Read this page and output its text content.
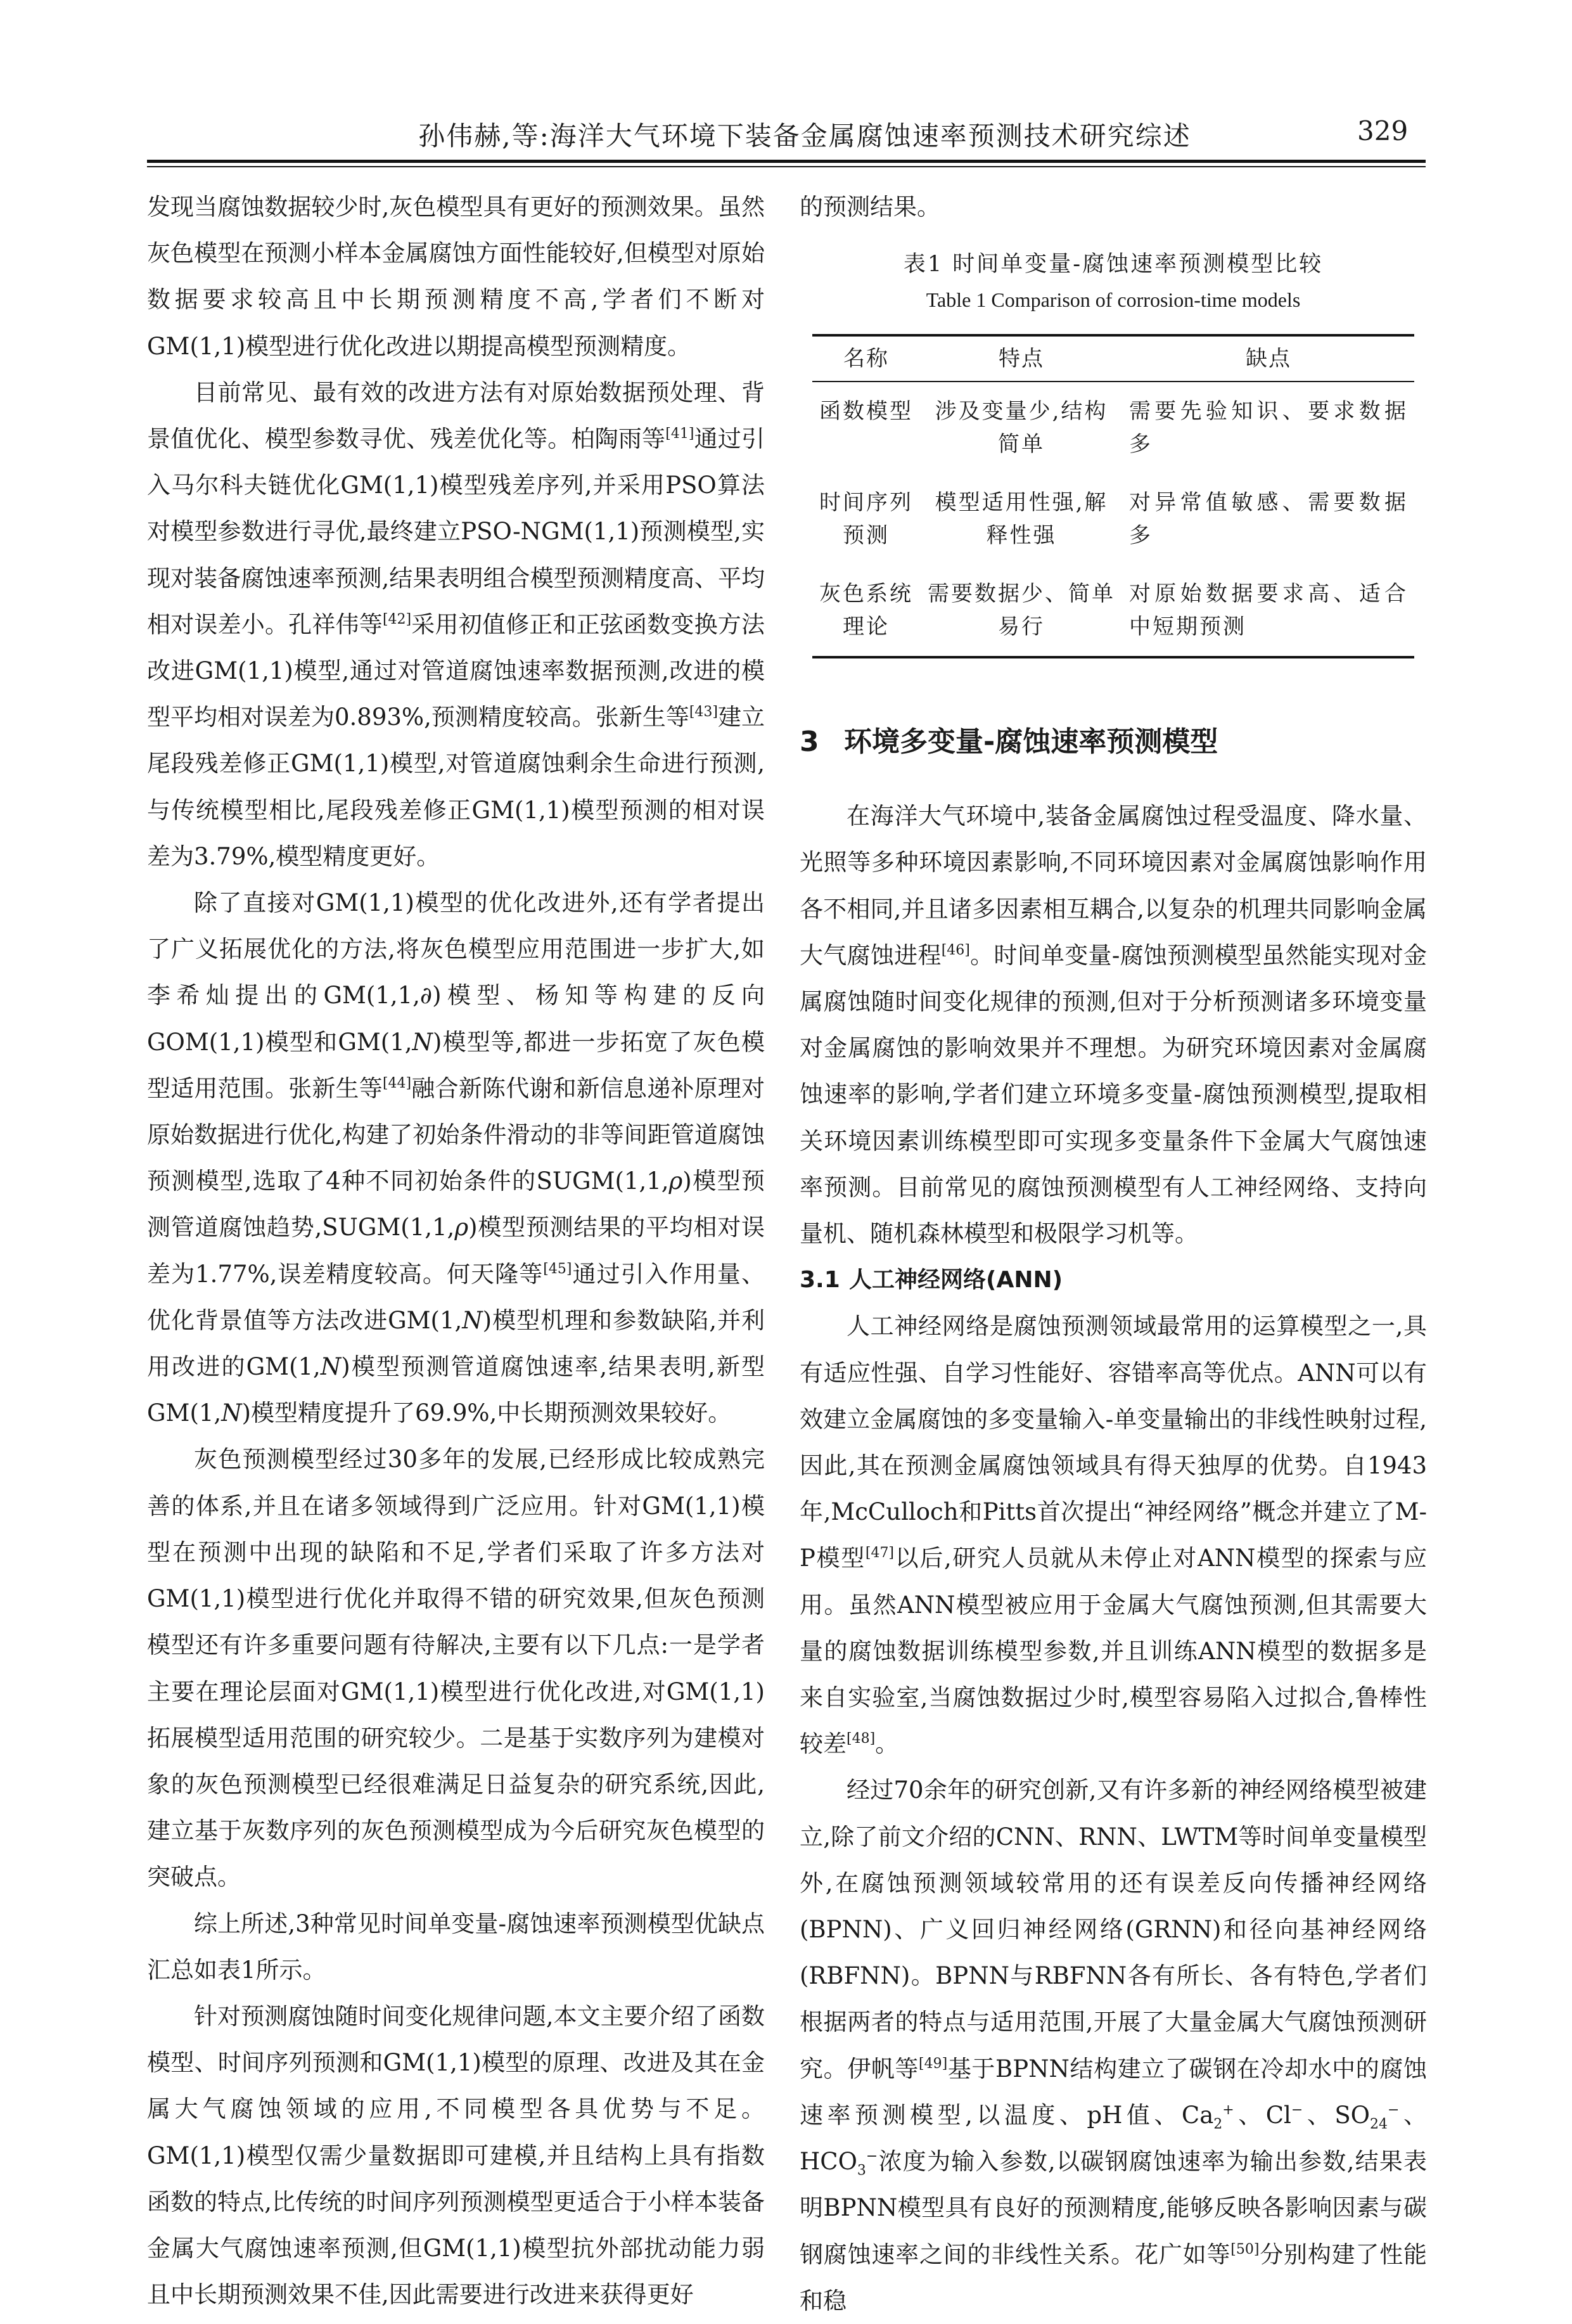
孙伟赫,等:海洋大气环境下装备金属腐蚀速率预测技术研究综述	329

发现当腐蚀数据较少时,灰色模型具有更好的预测效果。虽然灰色模型在预测小样本金属腐蚀方面性能较好,但模型对原始数据要求较高且中长期预测精度不高,学者们不断对GM(1,1)模型进行优化改进以期提高模型预测精度。

目前常见、最有效的改进方法有对原始数据预处理、背景值优化、模型参数寻优、残差优化等。柏陶雨等[41]通过引入马尔科夫链优化GM(1,1)模型残差序列,并采用PSO算法对模型参数进行寻优,最终建立PSO-NGM(1,1)预测模型,实现对装备腐蚀速率预测,结果表明组合模型预测精度高、平均相对误差小。孔祥伟等[42]采用初值修正和正弦函数变换方法改进GM(1,1)模型,通过对管道腐蚀速率数据预测,改进的模型平均相对误差为0.893%,预测精度较高。张新生等[43]建立尾段残差修正GM(1,1)模型,对管道腐蚀剩余生命进行预测,与传统模型相比,尾段残差修正GM(1,1)模型预测的相对误差为3.79%,模型精度更好。

除了直接对GM(1,1)模型的优化改进外,还有学者提出了广义拓展优化的方法,将灰色模型应用范围进一步扩大,如李希灿提出的GM(1,1,∂)模型、杨知等构建的反向GOM(1,1)模型和GM(1,N)模型等,都进一步拓宽了灰色模型适用范围。张新生等[44]融合新陈代谢和新信息递补原理对原始数据进行优化,构建了初始条件滑动的非等间距管道腐蚀预测模型,选取了4种不同初始条件的SUGM(1,1,ρ)模型预测管道腐蚀趋势,SUGM(1,1,ρ)模型预测结果的平均相对误差为1.77%,误差精度较高。何天隆等[45]通过引入作用量、优化背景值等方法改进GM(1,N)模型机理和参数缺陷,并利用改进的GM(1,N)模型预测管道腐蚀速率,结果表明,新型GM(1,N)模型精度提升了69.9%,中长期预测效果较好。

灰色预测模型经过30多年的发展,已经形成比较成熟完善的体系,并且在诸多领域得到广泛应用。针对GM(1,1)模型在预测中出现的缺陷和不足,学者们采取了许多方法对GM(1,1)模型进行优化并取得不错的研究效果,但灰色预测模型还有许多重要问题有待解决,主要有以下几点:一是学者主要在理论层面对GM(1,1)模型进行优化改进,对GM(1,1)拓展模型适用范围的研究较少。二是基于实数序列为建模对象的灰色预测模型已经很难满足日益复杂的研究系统,因此,建立基于灰数序列的灰色预测模型成为今后研究灰色模型的突破点。

综上所述,3种常见时间单变量-腐蚀速率预测模型优缺点汇总如表1所示。

针对预测腐蚀随时间变化规律问题,本文主要介绍了函数模型、时间序列预测和GM(1,1)模型的原理、改进及其在金属大气腐蚀领域的应用,不同模型各具优势与不足。GM(1,1)模型仅需少量数据即可建模,并且结构上具有指数函数的特点,比传统的时间序列预测模型更适合于小样本装备金属大气腐蚀速率预测,但GM(1,1)模型抗外部扰动能力弱且中长期预测效果不佳,因此需要进行改进来获得更好

的预测结果。

表1 时间单变量-腐蚀速率预测模型比较
Table 1 Comparison of corrosion-time models
名称	特点	缺点
函数模型	涉及变量少,结构简单	需要先验知识、要求数据多
时间序列预测	模型适用性强,解释性强	对异常值敏感、需要数据多
灰色系统理论	需要数据少、简单易行	对原始数据要求高、适合中短期预测
3 环境多变量-腐蚀速率预测模型

在海洋大气环境中,装备金属腐蚀过程受温度、降水量、光照等多种环境因素影响,不同环境因素对金属腐蚀影响作用各不相同,并且诸多因素相互耦合,以复杂的机理共同影响金属大气腐蚀进程[46]。时间单变量-腐蚀预测模型虽然能实现对金属腐蚀随时间变化规律的预测,但对于分析预测诸多环境变量对金属腐蚀的影响效果并不理想。为研究环境因素对金属腐蚀速率的影响,学者们建立环境多变量-腐蚀预测模型,提取相关环境因素训练模型即可实现多变量条件下金属大气腐蚀速率预测。目前常见的腐蚀预测模型有人工神经网络、支持向量机、随机森林模型和极限学习机等。

3.1 人工神经网络(ANN)

人工神经网络是腐蚀预测领域最常用的运算模型之一,具有适应性强、自学习性能好、容错率高等优点。ANN可以有效建立金属腐蚀的多变量输入-单变量输出的非线性映射过程,因此,其在预测金属腐蚀领域具有得天独厚的优势。自1943年,McCulloch和Pitts首次提出“神经网络”概念并建立了M-P模型[47]以后,研究人员就从未停止对ANN模型的探索与应用。虽然ANN模型被应用于金属大气腐蚀预测,但其需要大量的腐蚀数据训练模型参数,并且训练ANN模型的数据多是来自实验室,当腐蚀数据过少时,模型容易陷入过拟合,鲁棒性较差[48]。

经过70余年的研究创新,又有许多新的神经网络模型被建立,除了前文介绍的CNN、RNN、LWTM等时间单变量模型外,在腐蚀预测领域较常用的还有误差反向传播神经网络(BPNN)、广义回归神经网络(GRNN)和径向基神经网络(RBFNN)。BPNN与RBFNN各有所长、各有特色,学者们根据两者的特点与适用范围,开展了大量金属大气腐蚀预测研究。伊帆等[49]基于BPNN结构建立了碳钢在冷却水中的腐蚀速率预测模型,以温度、pH值、$Ca_2^+$、Cl−、$SO_{24}^-$、$HCO_3^-$浓度为输入参数,以碳钢腐蚀速率为输出参数,结果表明BPNN模型具有良好的预测精度,能够反映各影响因素与碳钢腐蚀速率之间的非线性关系。花广如等[50]分别构建了性能和稳
